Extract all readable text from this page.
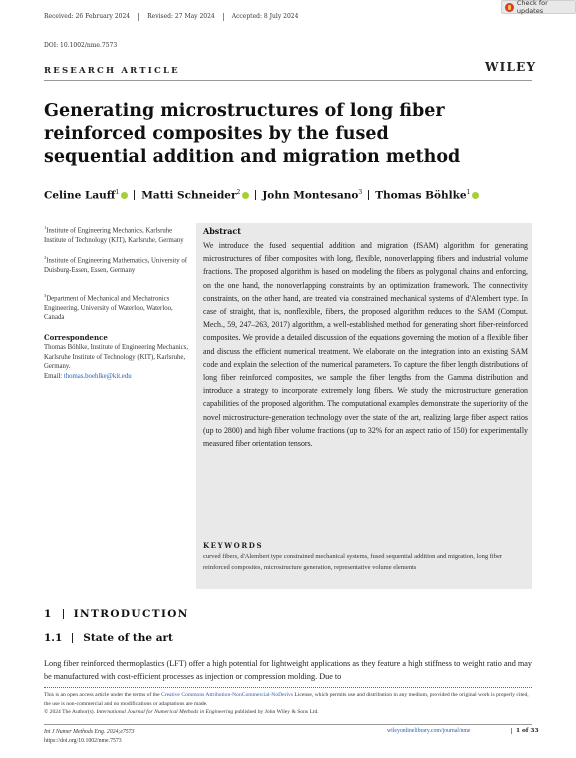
Received: 26 February 2024	Revised: 27 May 2024	Accepted: 8 July 2024
DOI: 10.1002/nme.7573
Check for updates
RESEARCH ARTICLE	WILEY
Generating microstructures of long fiber reinforced composites by the fused sequential addition and migration method
Celine Lauff$^1$	Matti Schneider$^2$	John Montesano$^3$ Thomas Böhlke$^1$
$^1$Institute of Engineering Mechanics, Karlsruhe Institute of Technology (KIT), Karlsruhe, Germany
$^2$Institute of Engineering Mathematics, University of Duisburg-Essen, Essen, Germany
$^3$Department of Mechanical and Mechatronics Engineering, University of Waterloo, Waterloo, Canada
Correspondence
Thomas Böhlke, Institute of Engineering Mechanics, Karlsruhe Institute of Technology (KIT), Karlsruhe, Germany.
Email: thomas.boehlke@kit.edu
Abstract
We introduce the fused sequential addition and migration (fSAM) algorithm for generating microstructures of fiber composites with long, flexible, nonoverlapping fibers and industrial volume fractions. The proposed algorithm is based on modeling the fibers as polygonal chains and enforcing, on the one hand, the nonoverlapping constraints by an optimization framework. The connectivity constraints, on the other hand, are treated via constrained mechanical systems of d'Alembert type. In case of straight, that is, nonflexible, fibers, the proposed algorithm reduces to the SAM (Comput. Mech., 59, 247–263, 2017) algorithm, a well-established method for generating short fiber-reinforced composites. We provide a detailed discussion of the equations governing the motion of a flexible fiber and discuss the efficient numerical treatment. We elaborate on the integration into an existing SAM code and explain the selection of the numerical parameters. To capture the fiber length distributions of long fiber reinforced composites, we sample the fiber lengths from the Gamma distribution and introduce a strategy to incorporate extremely long fibers. We study the microstructure generation capabilities of the proposed algorithm. The computational examples demonstrate the superiority of the novel microstructure-generation technology over the state of the art, realizing large fiber aspect ratios (up to 2800) and high fiber volume fractions (up to 32% for an aspect ratio of 150) for experimentally measured fiber orientation tensors.
KEYWORDS
curved fibers, d'Alembert type constrained mechanical systems, fused sequential addition and migration, long fiber reinforced composites, microstructure generation, representative volume elements
1 INTRODUCTION
1.1 State of the art
Long fiber reinforced thermoplastics (LFT) offer a high potential for lightweight applications as they feature a high stiffness to weight ratio and may be manufactured with cost-efficient processes as injection or compression molding. Due to
This is an open access article under the terms of the Creative Commons Attribution-NonCommercial-NoDerivs License, which permits use and distribution in any medium, provided the original work is properly cited, the use is non-commercial and no modifications or adaptations are made.
© 2024 The Author(s). International Journal for Numerical Methods in Engineering published by John Wiley & Sons Ltd.
Int J Numer Methods Eng. 2024;e7573
https://doi.org/10.1002/nme.7573
wileyonlinelibrary.com/journal/nme	1 of 33
